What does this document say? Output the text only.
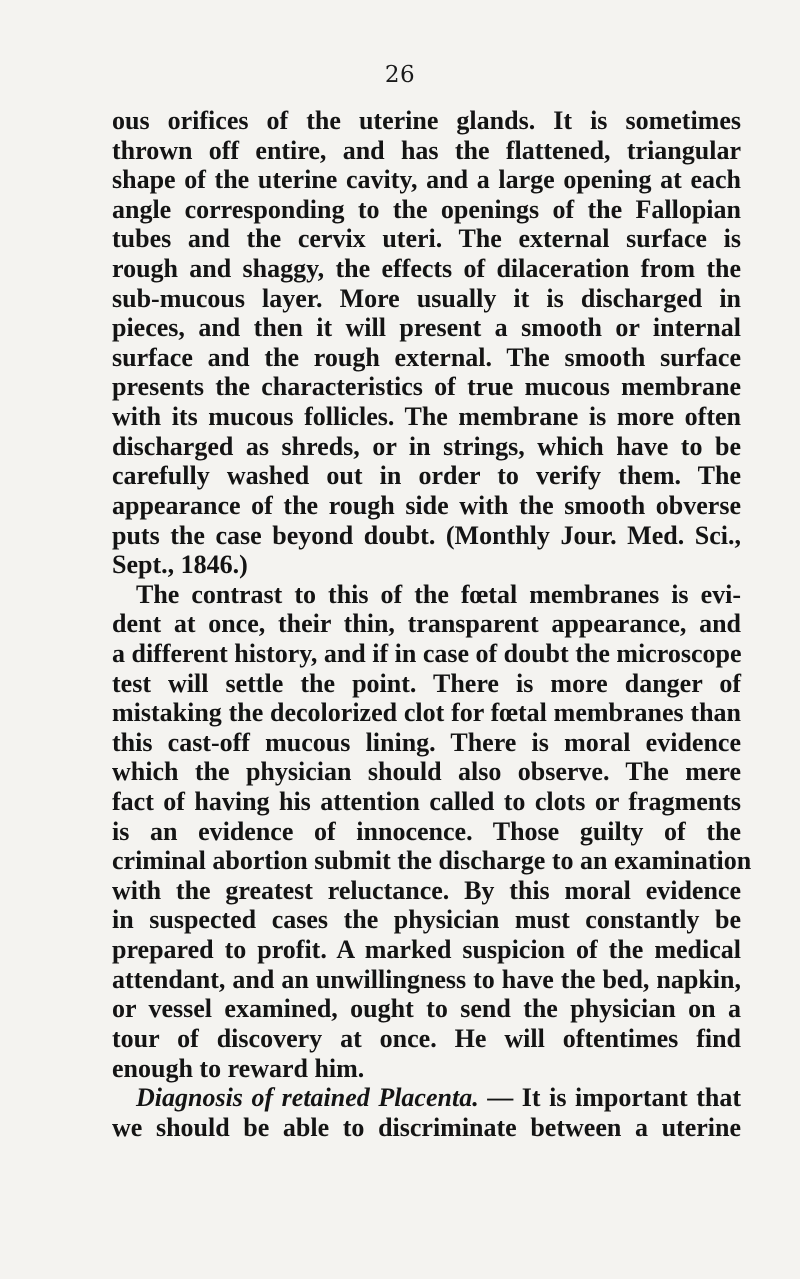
26
ous orifices of the uterine glands. It is sometimes
thrown off entire, and has the flattened, triangular
shape of the uterine cavity, and a large opening at each
angle corresponding to the openings of the Fallopian
tubes and the cervix uteri. The external surface is
rough and shaggy, the effects of dilaceration from the
sub-mucous layer. More usually it is discharged in
pieces, and then it will present a smooth or internal
surface and the rough external. The smooth surface
presents the characteristics of true mucous membrane
with its mucous follicles. The membrane is more often
discharged as shreds, or in strings, which have to be
carefully washed out in order to verify them. The
appearance of the rough side with the smooth obverse
puts the case beyond doubt. (Monthly Jour. Med. Sci.,
Sept., 1846.)
The contrast to this of the fœtal membranes is evi-
dent at once, their thin, transparent appearance, and
a different history, and if in case of doubt the microscope
test will settle the point. There is more danger of
mistaking the decolorized clot for fœtal membranes than
this cast-off mucous lining. There is moral evidence
which the physician should also observe. The mere
fact of having his attention called to clots or fragments
is an evidence of innocence. Those guilty of the
criminal abortion submit the discharge to an examination
with the greatest reluctance. By this moral evidence
in suspected cases the physician must constantly be
prepared to profit. A marked suspicion of the medical
attendant, and an unwillingness to have the bed, napkin,
or vessel examined, ought to send the physician on a
tour of discovery at once. He will oftentimes find
enough to reward him.
Diagnosis of retained Placenta. — It is important that
we should be able to discriminate between a uterine
